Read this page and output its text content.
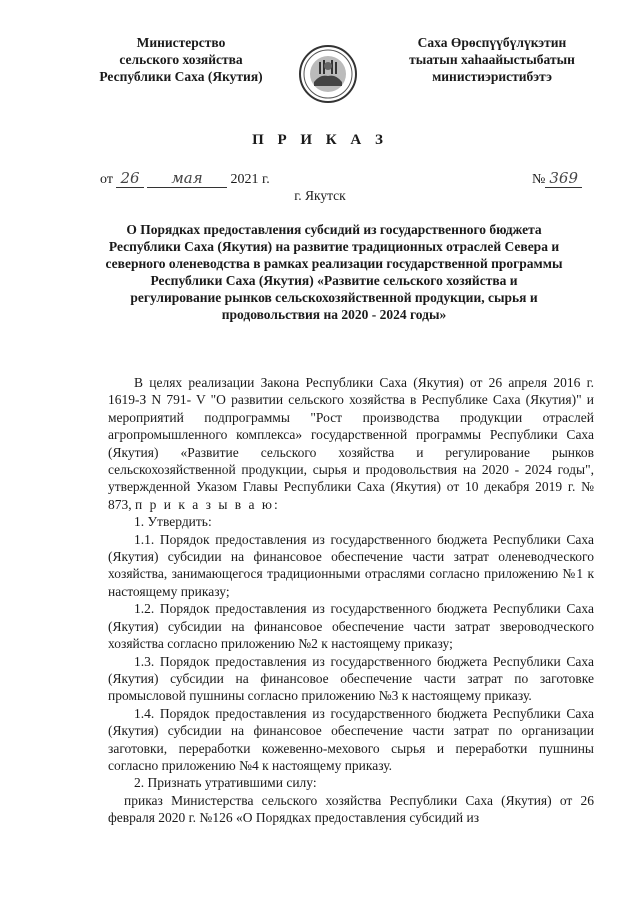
Министерство
сельского хозяйства
Республики Саха (Якутия)
Саха Өрөспүүбүлүкэтин
тыатын хаһаайыстыбатын
министиэристибэтэ
П Р И К А З
от 26 мая 2021 г.	№ 369
г. Якутск
О Порядках предоставления субсидий из государственного бюджета Республики Саха (Якутия) на развитие традиционных отраслей Севера и северного оленеводства в рамках реализации государственной программы Республики Саха (Якутия) «Развитие сельского хозяйства и регулирование рынков сельскохозяйственной продукции, сырья и продовольствия на 2020 - 2024 годы»

В целях реализации Закона Республики Саха (Якутия) от 26 апреля 2016 г. 1619-З N 791- V "О развитии сельского хозяйства в Республике Саха (Якутия)" и мероприятий подпрограммы "Рост производства продукции отраслей агропромышленного комплекса» государственной программы Республики Саха (Якутия) «Развитие сельского хозяйства и регулирование рынков сельскохозяйственной продукции, сырья и продовольствия на 2020 - 2024 годы", утвержденной Указом Главы Республики Саха (Якутия) от 10 декабря 2019 г. № 873, п р и к а з ы в а ю:

1. Утвердить:

1.1. Порядок предоставления из государственного бюджета Республики Саха (Якутия) субсидии на финансовое обеспечение части затрат оленеводческого хозяйства, занимающегося традиционными отраслями согласно приложению №1 к настоящему приказу;

1.2. Порядок предоставления из государственного бюджета Республики Саха (Якутия) субсидии на финансовое обеспечение части затрат звероводческого хозяйства согласно приложению №2 к настоящему приказу;

1.3. Порядок предоставления из государственного бюджета Республики Саха (Якутия) субсидии на финансовое обеспечение части затрат по заготовке промысловой пушнины согласно приложению №3 к настоящему приказу.

1.4. Порядок предоставления из государственного бюджета Республики Саха (Якутия) субсидии на финансовое обеспечение части затрат по организации заготовки, переработки кожевенно-мехового сырья и переработки пушнины согласно приложению №4 к настоящему приказу.

2. Признать утратившими силу:

приказ Министерства сельского хозяйства Республики Саха (Якутия) от 26 февраля 2020 г. №126 «О Порядках предоставления субсидий из
